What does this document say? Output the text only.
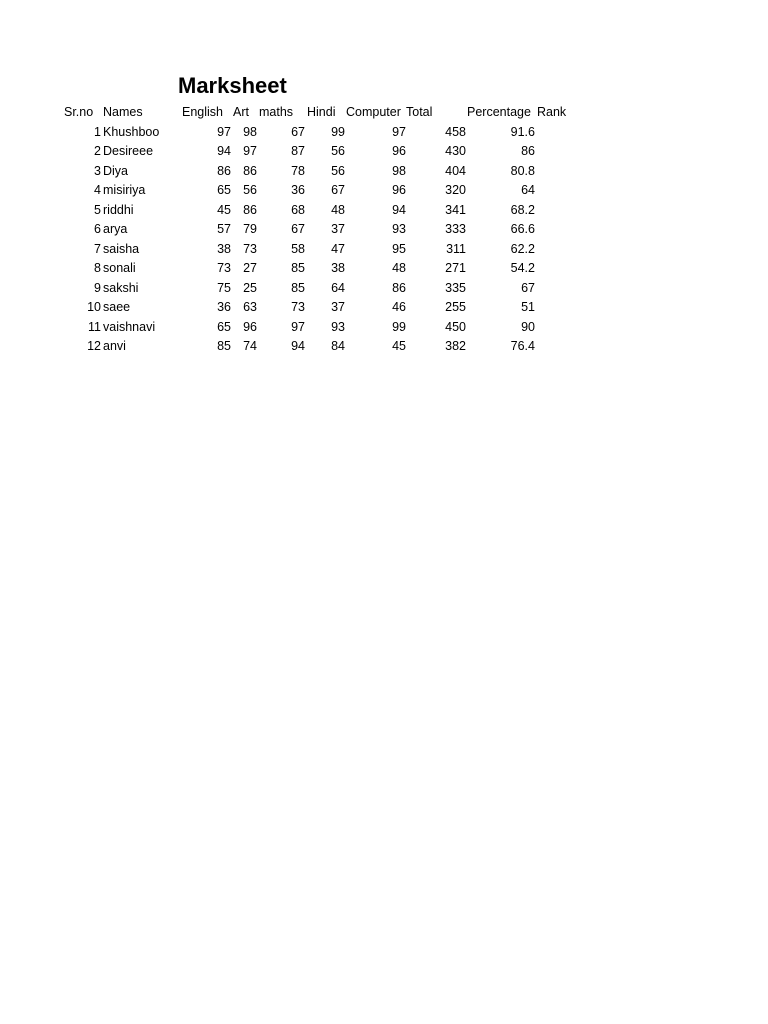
Marksheet
Sr.no Names	English Art maths Hindi Computer Total	Percentage Rank
1 Khushboo	97 98	67 99	97	458	91.6
2 Desireee	94 97	87 56	96	430	86
3 Diya	86 86	78 56	98	404	80.8
4 misiriya	65 56	36 67	96	320	64
5 riddhi	45 86	68 48	94	341	68.2
6 arya	57 79	67 37	93	333	66.6
7 saisha	38 73	58 47	95	311	62.2
8 sonali	73 27	85 38	48	271	54.2
9 sakshi	75 25	85 64	86	335	67
10 saee	36 63	73 37	46	255	51
11 vaishnavi	65 96	97 93	99	450	90
12 anvi	85 74	94 84	45	382	76.4
